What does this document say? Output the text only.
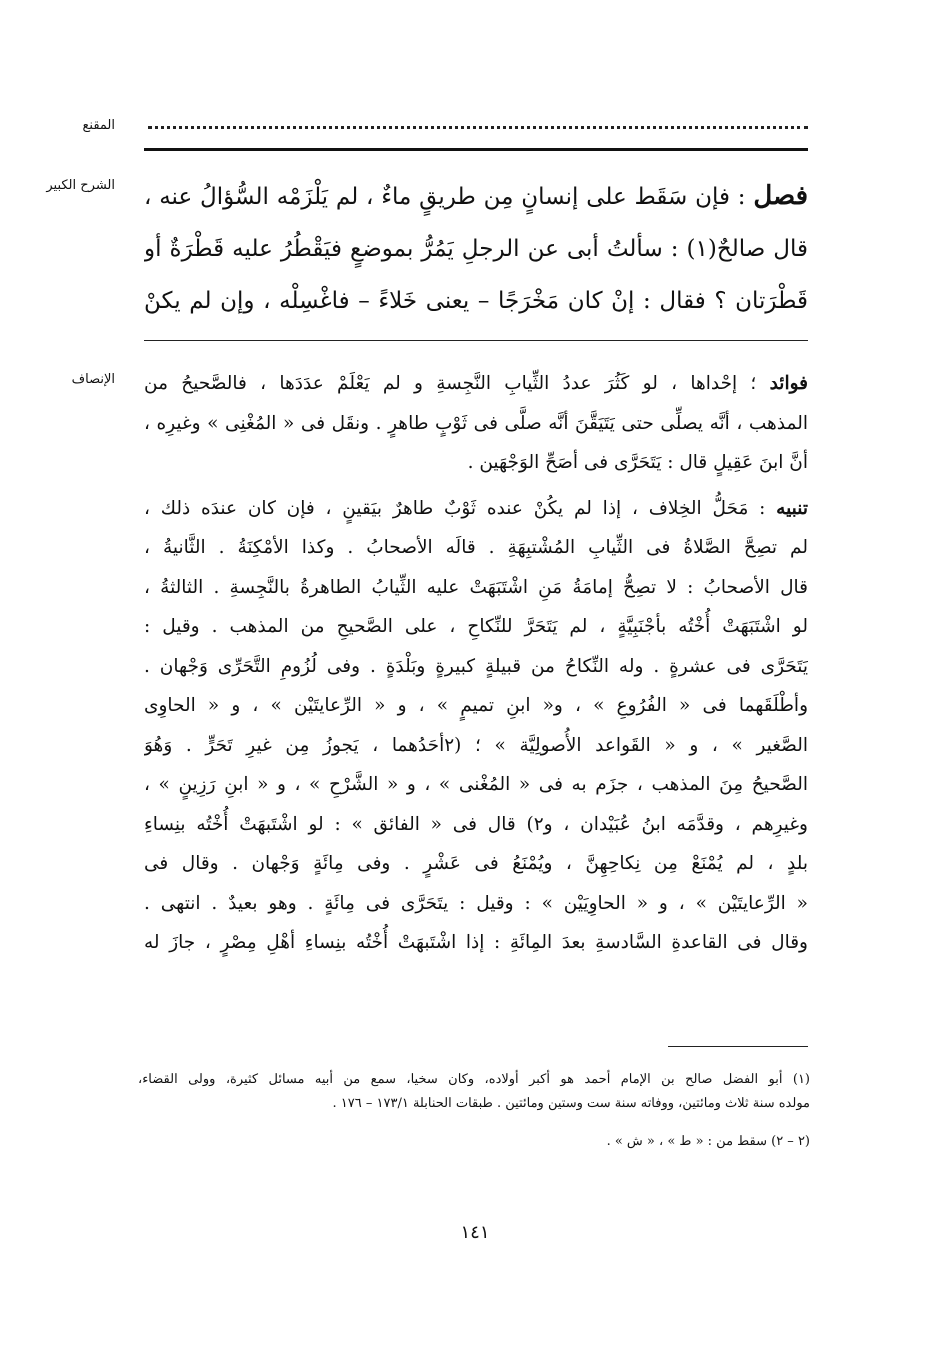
المقنع
الشرح الكبير
الإنصاف
فصل : فإن سَقَط على إنسانٍ مِن طريقٍ ماءٌ ، لم يَلْزَمْه السُّؤالُ عنه ،
قال صالحٌ(١) : سألتُ أبى عن الرجلِ يَمُرُّ بموضعٍ فيَقْطُرُ عليه قَطْرَةٌ أو
قَطْرَتان ؟ فقال : إنْ كان مَخْرَجًا – يعنى خَلاءً – فاغْسِلْه ، وإن لم يكنْ
فوائد ؛ إحْداها ، لو كَثُرَ عددُ الثِّيابِ النَّجِسةِ و لم يَعْلَمْ عدَدَها ، فالصَّحيحُ من
المذهب ، أنَّه يصلِّى حتى يَتَيَقَّنَ أنَّه صلَّى فى ثَوْبٍ طاهرٍ . ونقَل فى « المُغْنِى » وغيرِه ،
أنَّ ابنَ عَقِيلٍ قال : يَتَحَرَّى فى أصَحِّ الوَجْهَين .
تنبيه : مَحَلُّ الخِلاف ، إذا لم يكُنْ عنده ثَوْبٌ طاهرٌ بيَقينٍ ، فإن كان عندَه ذلك ،
لم تصِحَّ الصَّلاةُ فى الثِّيابِ المُشْتبِهَةِ . قالَه الأصحابُ . وكذا الأمْكِنَةُ . الثَّانيةُ ،
قال الأصحابُ : لا تصِحُّ إمامَةُ مَنِ اشْتَبَهَتْ عليه الثِّيابُ الطاهرةُ بالنَّجِسةِ . الثالثةُ ،
لو اشْتَبَهَتْ أُخْتُه بأجْنَبِيَّةٍ ، لم يَتَحَرَّ للنِّكاحِ ، على الصَّحيحِ من المذهب . وقيل :
يَتَحَرَّى فى عشرةٍ . وله النِّكاحُ من قبيلةٍ كبيرةٍ وبَلْدَةٍ . وفى لُزُومِ التَّحَرِّى وَجْهان .
وأطْلَقَهما فى « الفُرُوعِ » ، و« ابنِ تميمٍ » ، و « الرِّعايتَيْن » ، و « الحاوِى
الصَّغير » ، و « القَواعد الأُصولِيَّة » ؛ (٢أحَدُهما ، يَجوزُ مِن غيرِ تَحَرٍّ . وَهُوَ
الصَّحيحُ مِنَ المذهب ، جزَم به فى « المُغْنى » ، و « الشَّرْحِ » ، و « ابنِ رَزِينٍ » ،
وغيرِهم ، وقدَّمَه ابنُ عُبَيْدان ، و٢) قال فى « الفائق » : لو اشْتَبهَتْ أُخْتُه بنِساءِ
بلدٍ ، لم يُمْنَعْ مِن نِكاحِهِنَّ ، ويُمْنَعُ فى عَشْرٍ . وفى مِائَةٍ وَجْهان . وقال فى
« الرِّعايتَيْن » ، و « الحاوِيَيْن » : وقيل : يتَحَرَّى فى مِائَةٍ . وهو بعيدٌ . انتهى .
وقال فى القاعدةِ السَّادسةِ بعدَ المِائَةِ : إذا اشْتَبهَتْ أُخْتُه بنِساءِ أهْلِ مِصْرٍ ، جازَ له
(١) أبو الفضل صالح بن الإمام أحمد هو أكبر أولاده، وكان سخيا، سمع من أبيه مسائل كثيرة، وولى القضاء،
مولده سنة ثلاث ومائتين، ووفاته سنة ست وستين ومائتين . طبقات الحنابلة ١٧٣/١ – ١٧٦ .
(٢ – ٢) سقط من : « ط » ، « ش » .
١٤١
